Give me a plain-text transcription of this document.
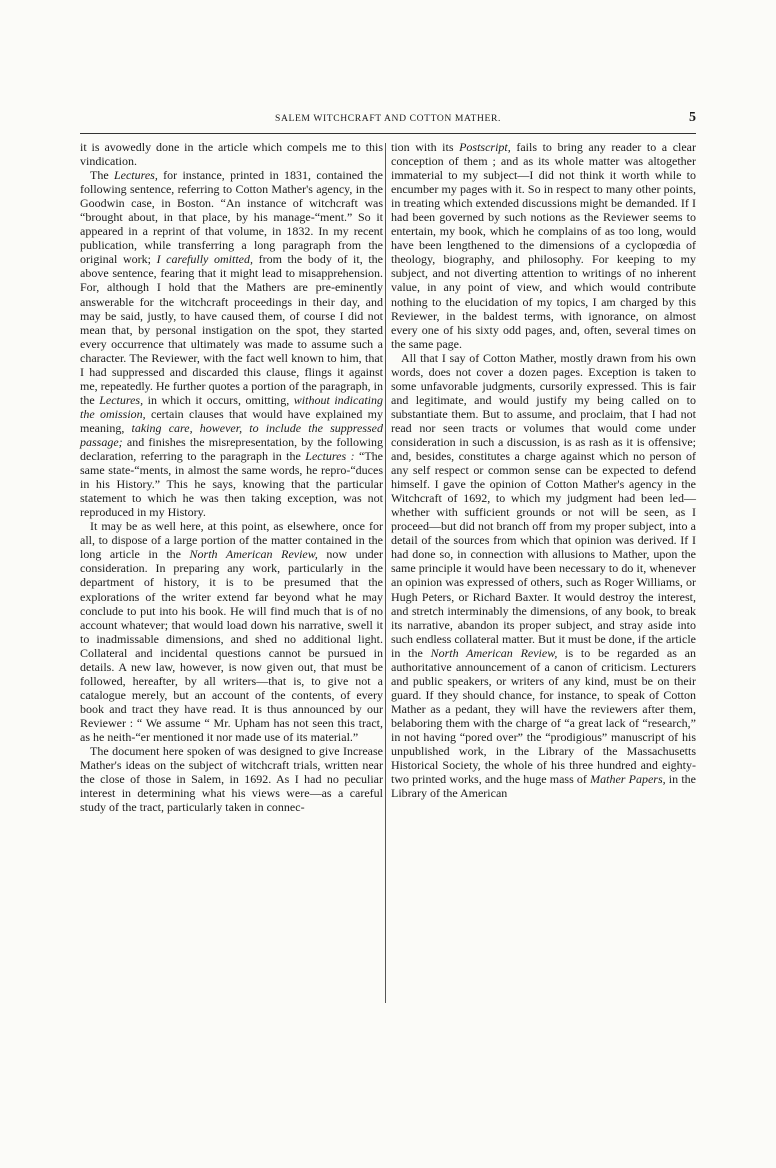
SALEM WITCHCRAFT AND COTTON MATHER.	5

it is avowedly done in the article which compels me to this vindication.

The Lectures, for instance, printed in 1831, contained the following sentence, referring to Cotton Mather's agency, in the Goodwin case, in Boston. “An instance of witchcraft was “brought about, in that place, by his manage-“ment.” So it appeared in a reprint of that volume, in 1832. In my recent publication, while transferring a long paragraph from the original work; I carefully omitted, from the body of it, the above sentence, fearing that it might lead to misapprehension. For, although I hold that the Mathers are pre-eminently answerable for the witchcraft proceedings in their day, and may be said, justly, to have caused them, of course I did not mean that, by personal instigation on the spot, they started every occurrence that ultimately was made to assume such a character. The Reviewer, with the fact well known to him, that I had suppressed and discarded this clause, flings it against me, repeatedly. He further quotes a portion of the paragraph, in the Lectures, in which it occurs, omitting, without indicating the omission, certain clauses that would have explained my meaning, taking care, however, to include the suppressed passage; and finishes the misrepresentation, by the following declaration, referring to the paragraph in the Lectures : “The same state-“ments, in almost the same words, he repro-“duces in his History.” This he says, knowing that the particular statement to which he was then taking exception, was not reproduced in my History.

It may be as well here, at this point, as elsewhere, once for all, to dispose of a large portion of the matter contained in the long article in the North American Review, now under consideration. In preparing any work, particularly in the department of history, it is to be presumed that the explorations of the writer extend far beyond what he may conclude to put into his book. He will find much that is of no account whatever; that would load down his narrative, swell it to inadmissable dimensions, and shed no additional light. Collateral and incidental questions cannot be pursued in details. A new law, however, is now given out, that must be followed, hereafter, by all writers—that is, to give not a catalogue merely, but an account of the contents, of every book and tract they have read. It is thus announced by our Reviewer : “ We assume “ Mr. Upham has not seen this tract, as he neith-“er mentioned it nor made use of its material.”

The document here spoken of was designed to give Increase Mather's ideas on the subject of witchcraft trials, written near the close of those in Salem, in 1692. As I had no peculiar interest in determining what his views were—as a careful study of the tract, particularly taken in connec-

tion with its Postscript, fails to bring any reader to a clear conception of them ; and as its whole matter was altogether immaterial to my subject—I did not think it worth while to encumber my pages with it. So in respect to many other points, in treating which extended discussions might be demanded. If I had been governed by such notions as the Reviewer seems to entertain, my book, which he complains of as too long, would have been lengthened to the dimensions of a cyclopœdia of theology, biography, and philosophy. For keeping to my subject, and not diverting attention to writings of no inherent value, in any point of view, and which would contribute nothing to the elucidation of my topics, I am charged by this Reviewer, in the baldest terms, with ignorance, on almost every one of his sixty odd pages, and, often, several times on the same page.

All that I say of Cotton Mather, mostly drawn from his own words, does not cover a dozen pages. Exception is taken to some unfavorable judgments, cursorily expressed. This is fair and legitimate, and would justify my being called on to substantiate them. But to assume, and proclaim, that I had not read nor seen tracts or volumes that would come under consideration in such a discussion, is as rash as it is offensive; and, besides, constitutes a charge against which no person of any self respect or common sense can be expected to defend himself. I gave the opinion of Cotton Mather's agency in the Witchcraft of 1692, to which my judgment had been led—whether with sufficient grounds or not will be seen, as I proceed—but did not branch off from my proper subject, into a detail of the sources from which that opinion was derived. If I had done so, in connection with allusions to Mather, upon the same principle it would have been necessary to do it, whenever an opinion was expressed of others, such as Roger Williams, or Hugh Peters, or Richard Baxter. It would destroy the interest, and stretch interminably the dimensions, of any book, to break its narrative, abandon its proper subject, and stray aside into such endless collateral matter. But it must be done, if the article in the North American Review, is to be regarded as an authoritative announcement of a canon of criticism. Lecturers and public speakers, or writers of any kind, must be on their guard. If they should chance, for instance, to speak of Cotton Mather as a pedant, they will have the reviewers after them, belaboring them with the charge of “a great lack of “research,” in not having “pored over” the “prodigious” manuscript of his unpublished work, in the Library of the Massachusetts Historical Society, the whole of his three hundred and eighty-two printed works, and the huge mass of Mather Papers, in the Library of the American
